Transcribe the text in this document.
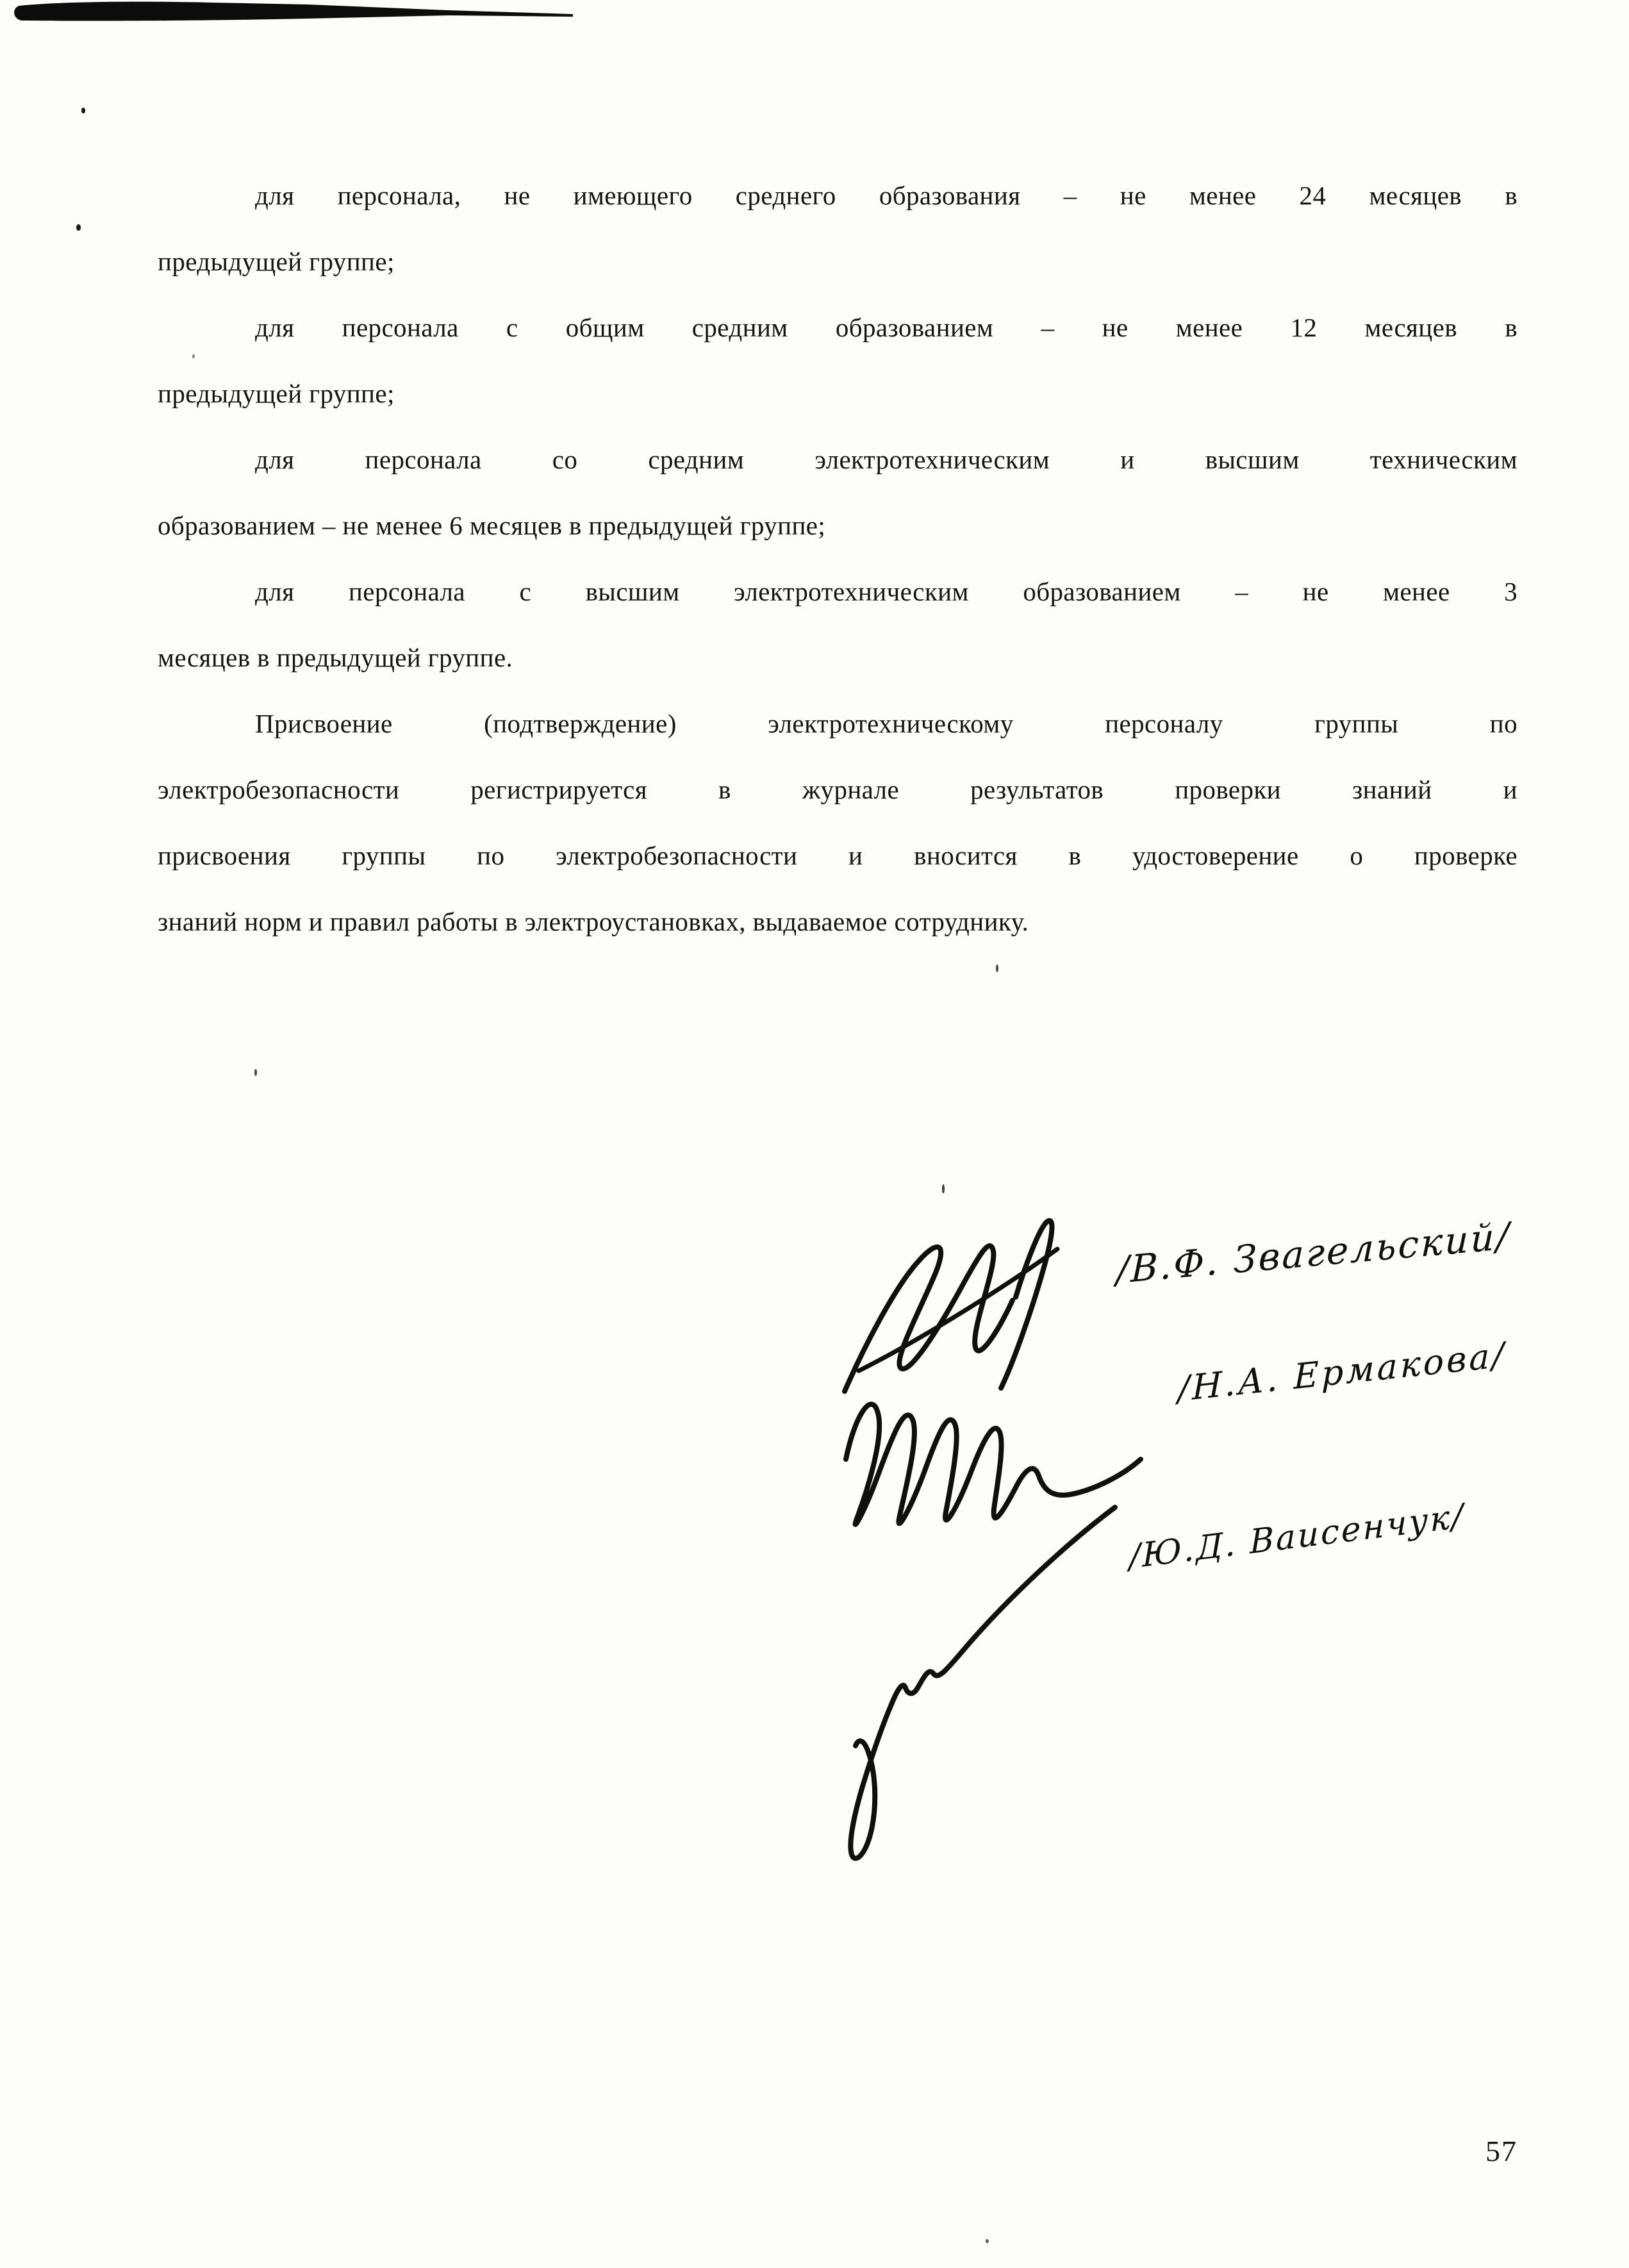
для персонала, не имеющего среднего образования – не менее 24 месяцев в
предыдущей группе;
для персонала с общим средним образованием – не менее 12 месяцев в
предыдущей группе;
для персонала со средним электротехническим и высшим техническим
образованием – не менее 6 месяцев в предыдущей группе;
для персонала с высшим электротехническим образованием – не менее 3
месяцев в предыдущей группе.
Присвоение (подтверждение) электротехническому персоналу группы по
электробезопасности регистрируется в журнале результатов проверки знаний и
присвоения группы по электробезопасности и вносится в удостоверение о проверке
знаний норм и правил работы в электроустановках, выдаваемое сотруднику.
/В.Ф. Звагельский/
/Н.А. Ермакова/
/Ю.Д. Ваисенчук/
57
